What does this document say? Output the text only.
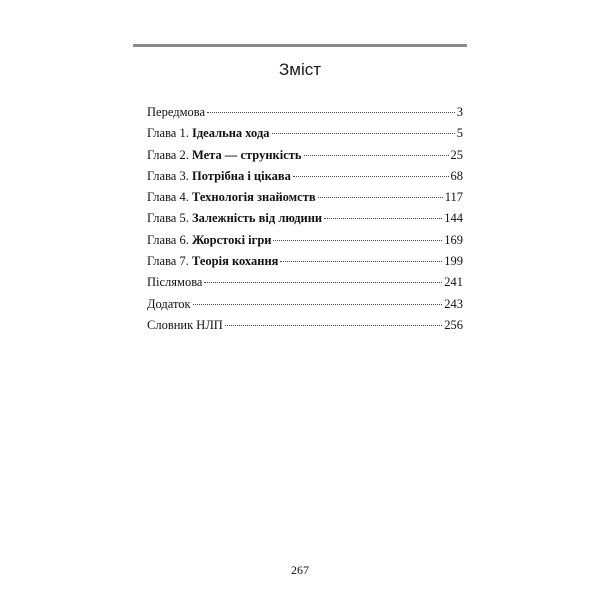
Зміст
Передмова	3
Глава 1. Ідеальна хода	5
Глава 2. Мета — стрункість	25
Глава 3. Потрібна і цікава	68
Глава 4. Технологія знайомств	117
Глава 5. Залежність від людини	144
Глава 6. Жорстокі ігри	169
Глава 7. Теорія кохання	199
Післямова	241
Додаток	243
Словник НЛП	256
267
